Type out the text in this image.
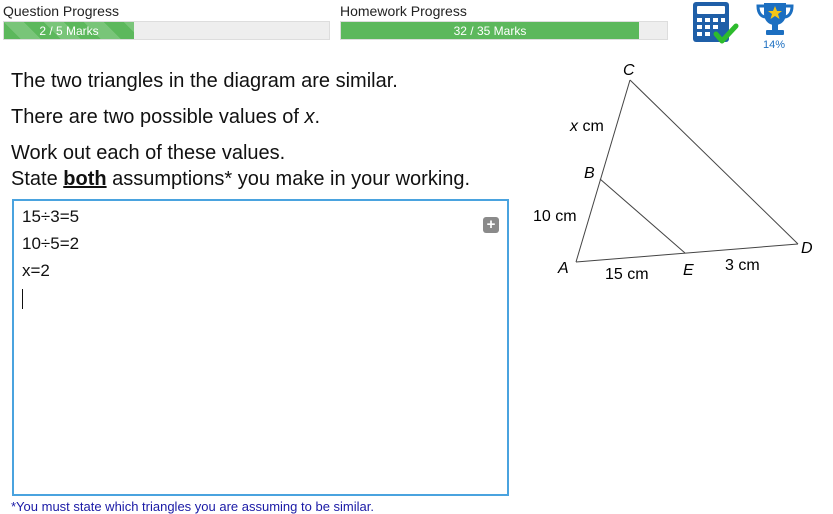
Question Progress
2 / 5 Marks
Homework Progress
32 / 35 Marks
14%
The two triangles in the diagram are similar.
There are two possible values of x.
Work out each of these values.
State both assumptions* you make in your working.
15÷3=5
10÷5=2
x=2
+
C
B
A	E
D
x cm
10 cm
15 cm
3 cm
*You must state which triangles you are assuming to be similar.
